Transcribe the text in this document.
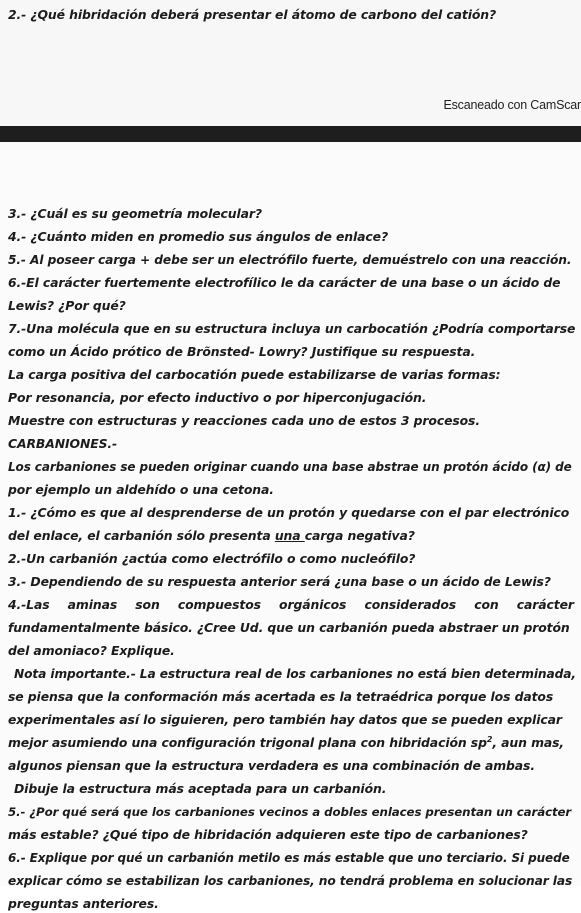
2.- ¿Qué hibridación deberá presentar el átomo de carbono del catión?
Escaneado con CamScar
3.- ¿Cuál es su geometría molecular?
4.- ¿Cuánto miden en promedio sus ángulos de enlace?
5.- Al poseer carga + debe ser un electrófilo fuerte, demuéstrelo con una reacción.
6.-El carácter fuertemente electrofílico le da carácter de una base o un ácido de
Lewis? ¿Por qué?
7.-Una molécula que en su estructura incluya un carbocatión ¿Podría comportarse
como un Ácido prótico de Brõnsted- Lowry? Justifique su respuesta.
La carga positiva del carbocatión puede estabilizarse de varias formas:
Por resonancia, por efecto inductivo o por hiperconjugación.
Muestre con estructuras y reacciones cada uno de estos 3 procesos.
CARBANIONES.-
Los carbaniones se pueden originar cuando una base abstrae un protón ácido (α) de
por ejemplo un aldehído o una cetona.
1.- ¿Cómo es que al desprenderse de un protón y quedarse con el par electrónico
del enlace, el carbanión sólo presenta una carga negativa?
2.-Un carbanión ¿actúa como electrófilo o como nucleófilo?
3.- Dependiendo de su respuesta anterior será ¿una base o un ácido de Lewis?
4.-Las aminas son compuestos orgánicos considerados con carácter
fundamentalmente básico. ¿Cree Ud. que un carbanión pueda abstraer un protón
del amoniaco? Explique.
Nota importante.- La estructura real de los carbaniones no está bien determinada,
se piensa que la conformación más acertada es la tetraédrica porque los datos
experimentales así lo siguieren, pero también hay datos que se pueden explicar
mejor asumiendo una configuración trigonal plana con hibridación $sp^2$, aun mas,
algunos piensan que la estructura verdadera es una combinación de ambas.
Dibuje la estructura más aceptada para un carbanión.
5.- ¿Por qué será que los carbaniones vecinos a dobles enlaces presentan un carácter
más estable? ¿Qué tipo de hibridación adquieren este tipo de carbaniones?
6.- Explique por qué un carbanión metilo es más estable que uno terciario. Si puede
explicar cómo se estabilizan los carbaniones, no tendrá problema en solucionar las
preguntas anteriores.
